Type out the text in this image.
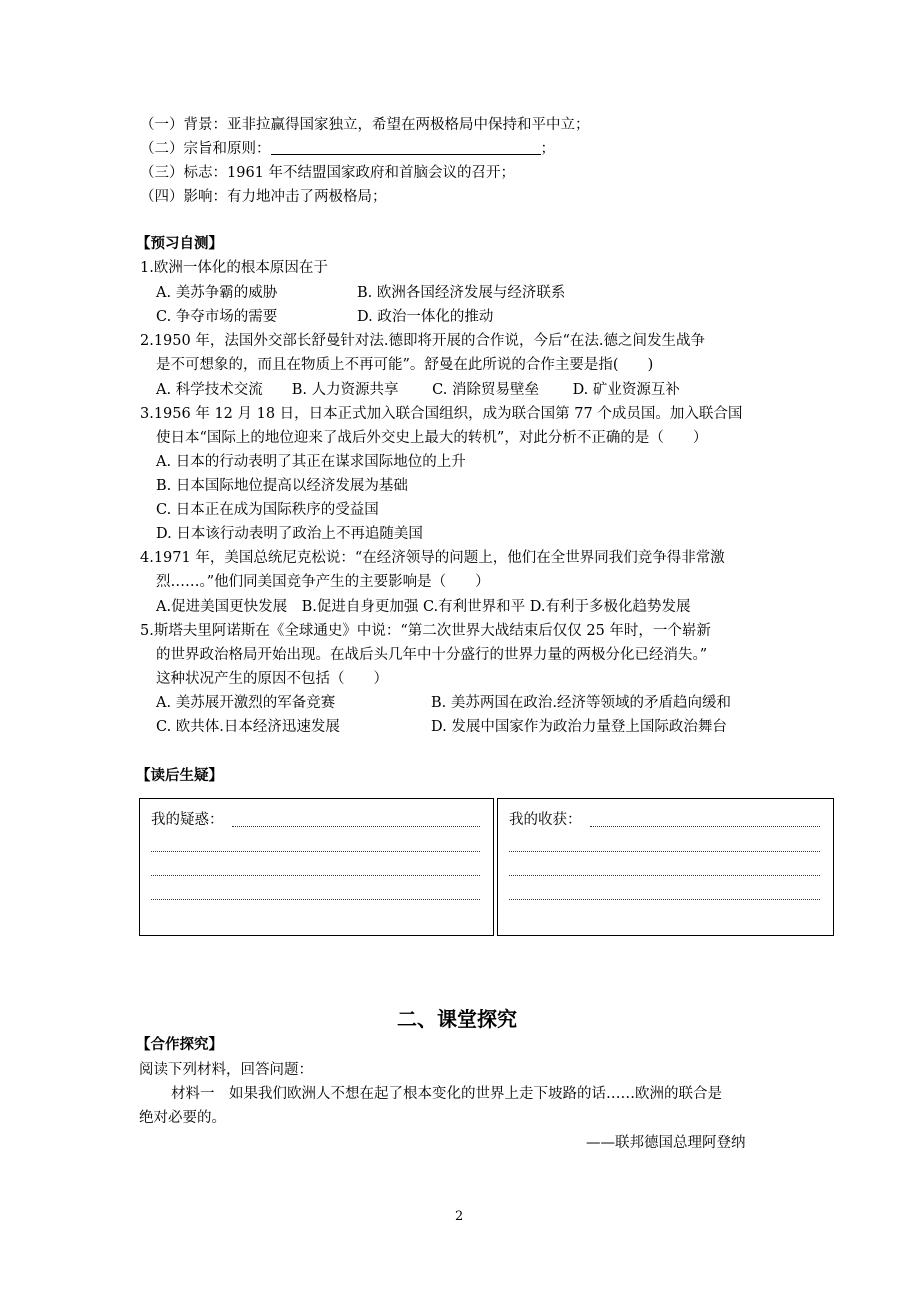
（一）背景：亚非拉赢得国家独立，希望在两极格局中保持和平中立；
（二）宗旨和原则：	；
（三）标志：1961 年不结盟国家政府和首脑会议的召开；
（四）影响：有力地冲击了两极格局；
【预习自测】
1.欧洲一体化的根本原因在于
A. 美苏争霸的威胁	B. 欧洲各国经济发展与经济联系
C. 争夺市场的需要	D. 政治一体化的推动
2.1950 年，法国外交部长舒曼针对法.德即将开展的合作说，今后“在法.德之间发生战争
是不可想象的，而且在物质上不再可能”。舒曼在此所说的合作主要是指(　　)
A. 科学技术交流　　B. 人力资源共享　　 C. 消除贸易壁垒　　 D. 矿业资源互补
3.1956 年 12 月 18 日，日本正式加入联合国组织，成为联合国第 77 个成员国。加入联合国
使日本“国际上的地位迎来了战后外交史上最大的转机”，对此分析不正确的是（　　）
A. 日本的行动表明了其正在谋求国际地位的上升
B. 日本国际地位提高以经济发展为基础
C. 日本正在成为国际秩序的受益国
D. 日本该行动表明了政治上不再追随美国
4.1971 年，美国总统尼克松说：“在经济领导的问题上，他们在全世界同我们竞争得非常激
烈……。”他们同美国竞争产生的主要影响是（　　）
A.促进美国更快发展　B.促进自身更加强 C.有利世界和平 D.有利于多极化趋势发展
5.斯塔夫里阿诺斯在《全球通史》中说：“第二次世界大战结束后仅仅 25 年时，一个崭新
的世界政治格局开始出现。在战后头几年中十分盛行的世界力量的两极分化已经消失。”
这种状况产生的原因不包括（　　）
A. 美苏展开激烈的军备竞赛	B. 美苏两国在政治.经济等领域的矛盾趋向缓和
C. 欧共体.日本经济迅速发展	D. 发展中国家作为政治力量登上国际政治舞台
【读后生疑】
我的疑惑：	我的收获：
二、课堂探究
【合作探究】
阅读下列材料，回答问题：
材料一　如果我们欧洲人不想在起了根本变化的世界上走下坡路的话……欧洲的联合是
绝对必要的。
——联邦德国总理阿登纳
2
